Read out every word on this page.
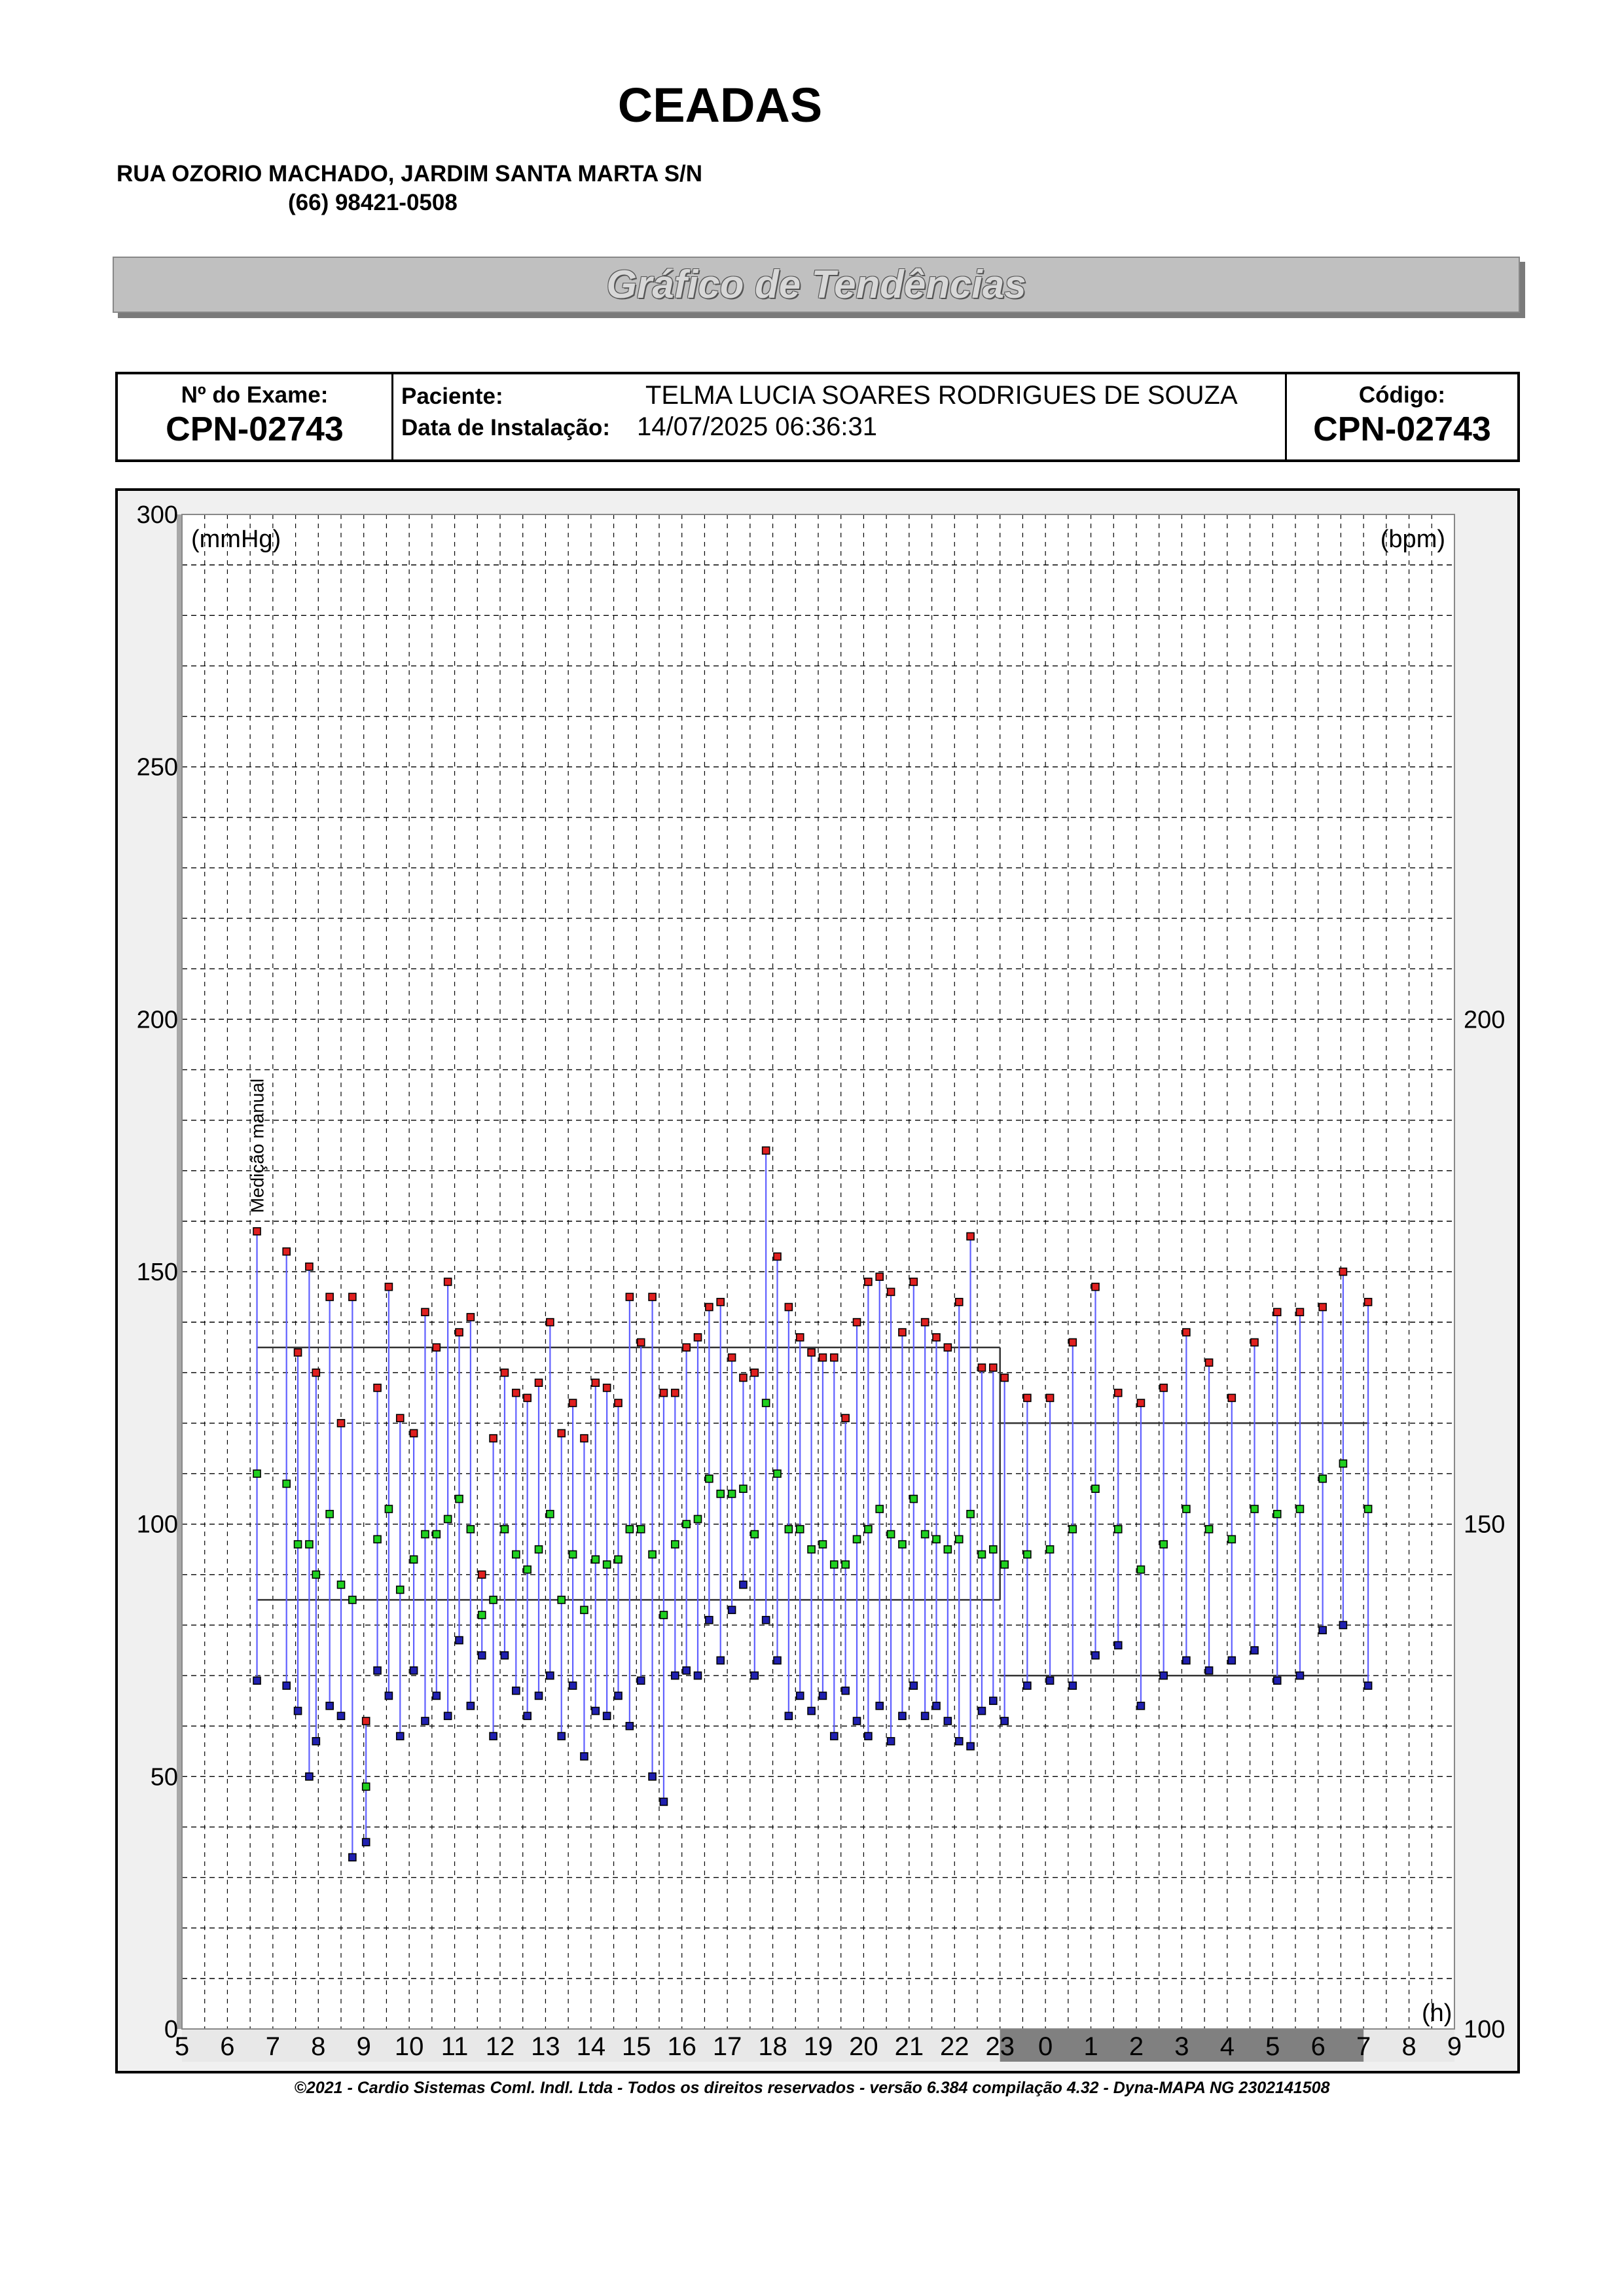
CEADAS
RUA OZORIO MACHADO, JARDIM SANTA MARTA S/N
(66) 98421-0508
Gráfico de Tendências
Nº do Exame:
CPN-02743
Paciente:	TELMA LUCIA SOARES RODRIGUES DE SOUZA
Data de Instalação: 14/07/2025 06:36:31
Código:
CPN-02743
5 6 7 8 9 10 11 12 13 14 15 16 17 18 19 20 21 22 23 0 1 2 3 4 5 6 7 8 9
(h)
0
50
100
150
200
250
300
(mmHg)
100
150
200
(bpm)
Medição manual
©2021 - Cardio Sistemas Coml. Indl. Ltda - Todos os direitos reservados - versão 6.384 compilação 4.32 - Dyna-MAPA NG 2302141508
